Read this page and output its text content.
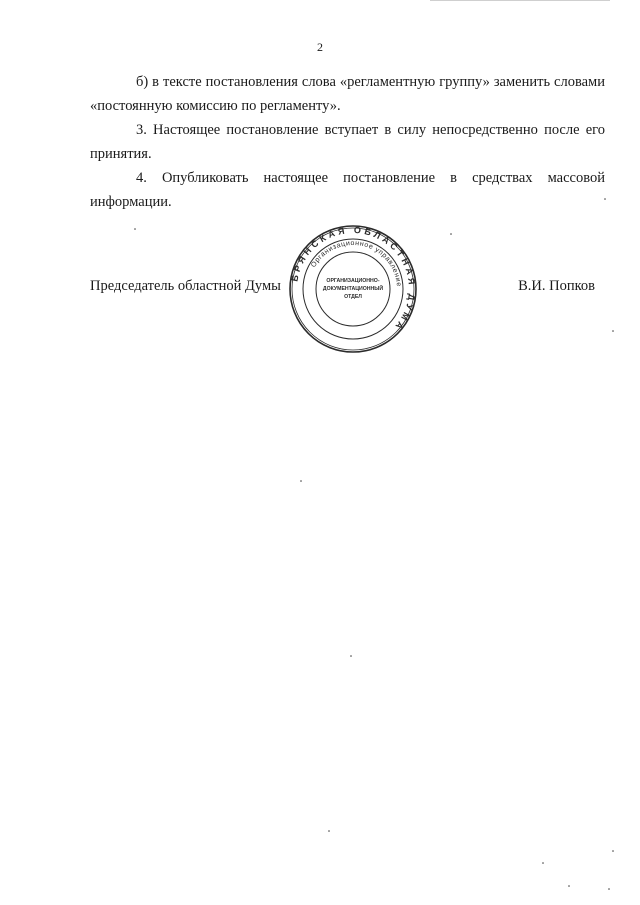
2

б) в тексте постановления слова «регламентную группу» заменить словами «постоянную комиссию по регламенту».

3. Настоящее постановление вступает в силу непосредственно после его принятия.

4. Опубликовать настоящее постановление в средствах массовой информации.

Председатель областной Думы	В.И. Попков
БРЯНСКАЯ ОБЛАСТНАЯ ДУМА
Организационное управление
ОРГАНИЗАЦИОННО-
ДОКУМЕНТАЦИОННЫЙ
ОТДЕЛ
